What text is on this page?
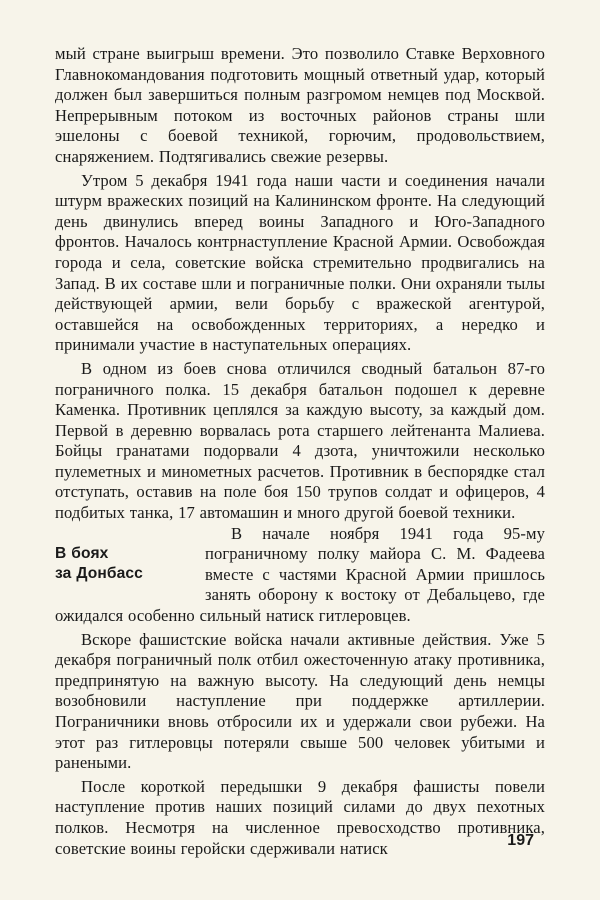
мый стране выигрыш времени. Это позволило Ставке Верховного Главнокомандования подготовить мощный ответный удар, который должен был завершиться полным разгромом немцев под Москвой. Непрерывным потоком из восточных районов страны шли эшелоны с боевой техникой, горючим, продовольствием, снаряжением. Подтягивались свежие резервы.

Утром 5 декабря 1941 года наши части и соединения начали штурм вражеских позиций на Калининском фронте. На следующий день двинулись вперед воины Западного и Юго-Западного фронтов. Началось контрнаступление Красной Армии. Освобождая города и села, советские войска стремительно продвигались на Запад. В их составе шли и пограничные полки. Они охраняли тылы действующей армии, вели борьбу с вражеской агентурой, оставшейся на освобожденных территориях, а нередко и принимали участие в наступательных операциях.

В одном из боев снова отличился сводный батальон 87-го пограничного полка. 15 декабря батальон подошел к деревне Каменка. Противник цеплялся за каждую высоту, за каждый дом. Первой в деревню ворвалась рота старшего лейтенанта Малиева. Бойцы гранатами подорвали 4 дзота, уничтожили несколько пулеметных и минометных расчетов. Противник в беспорядке стал отступать, оставив на поле боя 150 трупов солдат и офицеров, 4 подбитых танка, 17 автомашин и много другой боевой техники.

В боях
за Донбасс

В начале ноября 1941 года 95-му пограничному полку майора С. М. Фадеева вместе с частями Красной Армии пришлось занять оборону к востоку от Дебальцево, где ожидался особенно сильный натиск гитлеровцев.

Вскоре фашистские войска начали активные действия. Уже 5 декабря пограничный полк отбил ожесточенную атаку противника, предпринятую на важную высоту. На следующий день немцы возобновили наступление при поддержке артиллерии. Пограничники вновь отбросили их и удержали свои рубежи. На этот раз гитлеровцы потеряли свыше 500 человек убитыми и ранеными.

После короткой передышки 9 декабря фашисты повели наступление против наших позиций силами до двух пехотных полков. Несмотря на численное превосходство противника, советские воины геройски сдерживали натиск	197
